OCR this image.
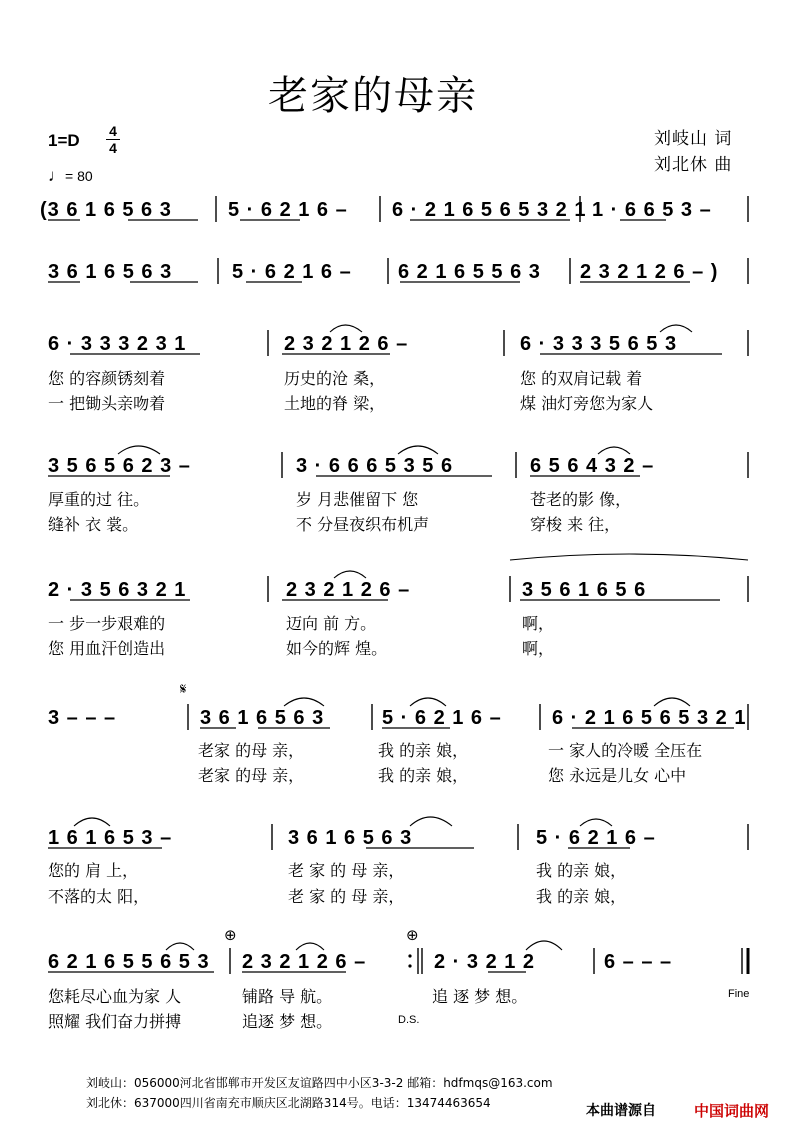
老家的母亲
1=D 4
4
♩= 80
刘岐山 词
刘北休 曲
(3 6 1 6 5 6 3	5 · 6 2 1 6 – 6 · 2 1 6 5 6 5 3 2 1 1 · 6 6 5 3 –
3 6 1 6 5 6 3	5 · 6 2 1 6 – 6 2 1 6 5 5 6 3 2 3 2 1 2 6 – )
6 · 3 3 3 2 3 1	2 3 2 1 2 6 –	6 · 3 3 3 5 6 5 3
您 的容颜锈刻着	历史的沧 桑，	您 的双肩记载 着
一 把锄头亲吻着	土地的脊 梁，	煤 油灯旁您为家人
3 5 6 5 6 2 3 –	3 · 6 6 6 5 3 5 6	6 5 6 4 3 2 –
厚重的过 往。	岁 月悲催留下 您	苍老的影 像，
缝补 衣 裳。	不 分昼夜织布机声	穿梭 来 往，
2 · 3 5 6 3 2 1	2 3 2 1 2 6 –	3 5 6 1 6 5 6
一 步一步艰难的	迈向 前 方。	啊，
您 用血汗创造出	如今的辉 煌。	啊，
𝄋
3 – – –	3 6 1 6 5 6 3	5 · 6 2 1 6 –	6 · 2 1 6 5 6 5 3 2 1
老家 的母 亲，	我 的亲 娘，	一 家人的冷暖 全压在
老家 的母 亲，	我 的亲 娘，	您 永远是儿女 心中
1 6 1 6 5 3 –	3 6 1 6 5 6 3	5 · 6 2 1 6 –
您的 肩 上，	老 家 的 母 亲，	我 的亲 娘，
不落的太 阳，	老 家 的 母 亲，	我 的亲 娘，
⊕	⊕
6 2 1 6 5 5 6 5 3 2 3 2 1 2 6 –	2 · 3 2 1 2	6 – – –
您耗尽心血为家 人	铺路 导 航。	追 逐 梦 想。	Fine
照耀 我们奋力拼搏	追逐 梦 想。	D.S.
刘岐山：056000河北省邯郸市开发区友谊路四中小区3-3-2 邮箱：hdfmqs@163.com
刘北休：637000四川省南充市顺庆区北湖路314号。电话：13474463654	本曲谱源自	中国词曲网
